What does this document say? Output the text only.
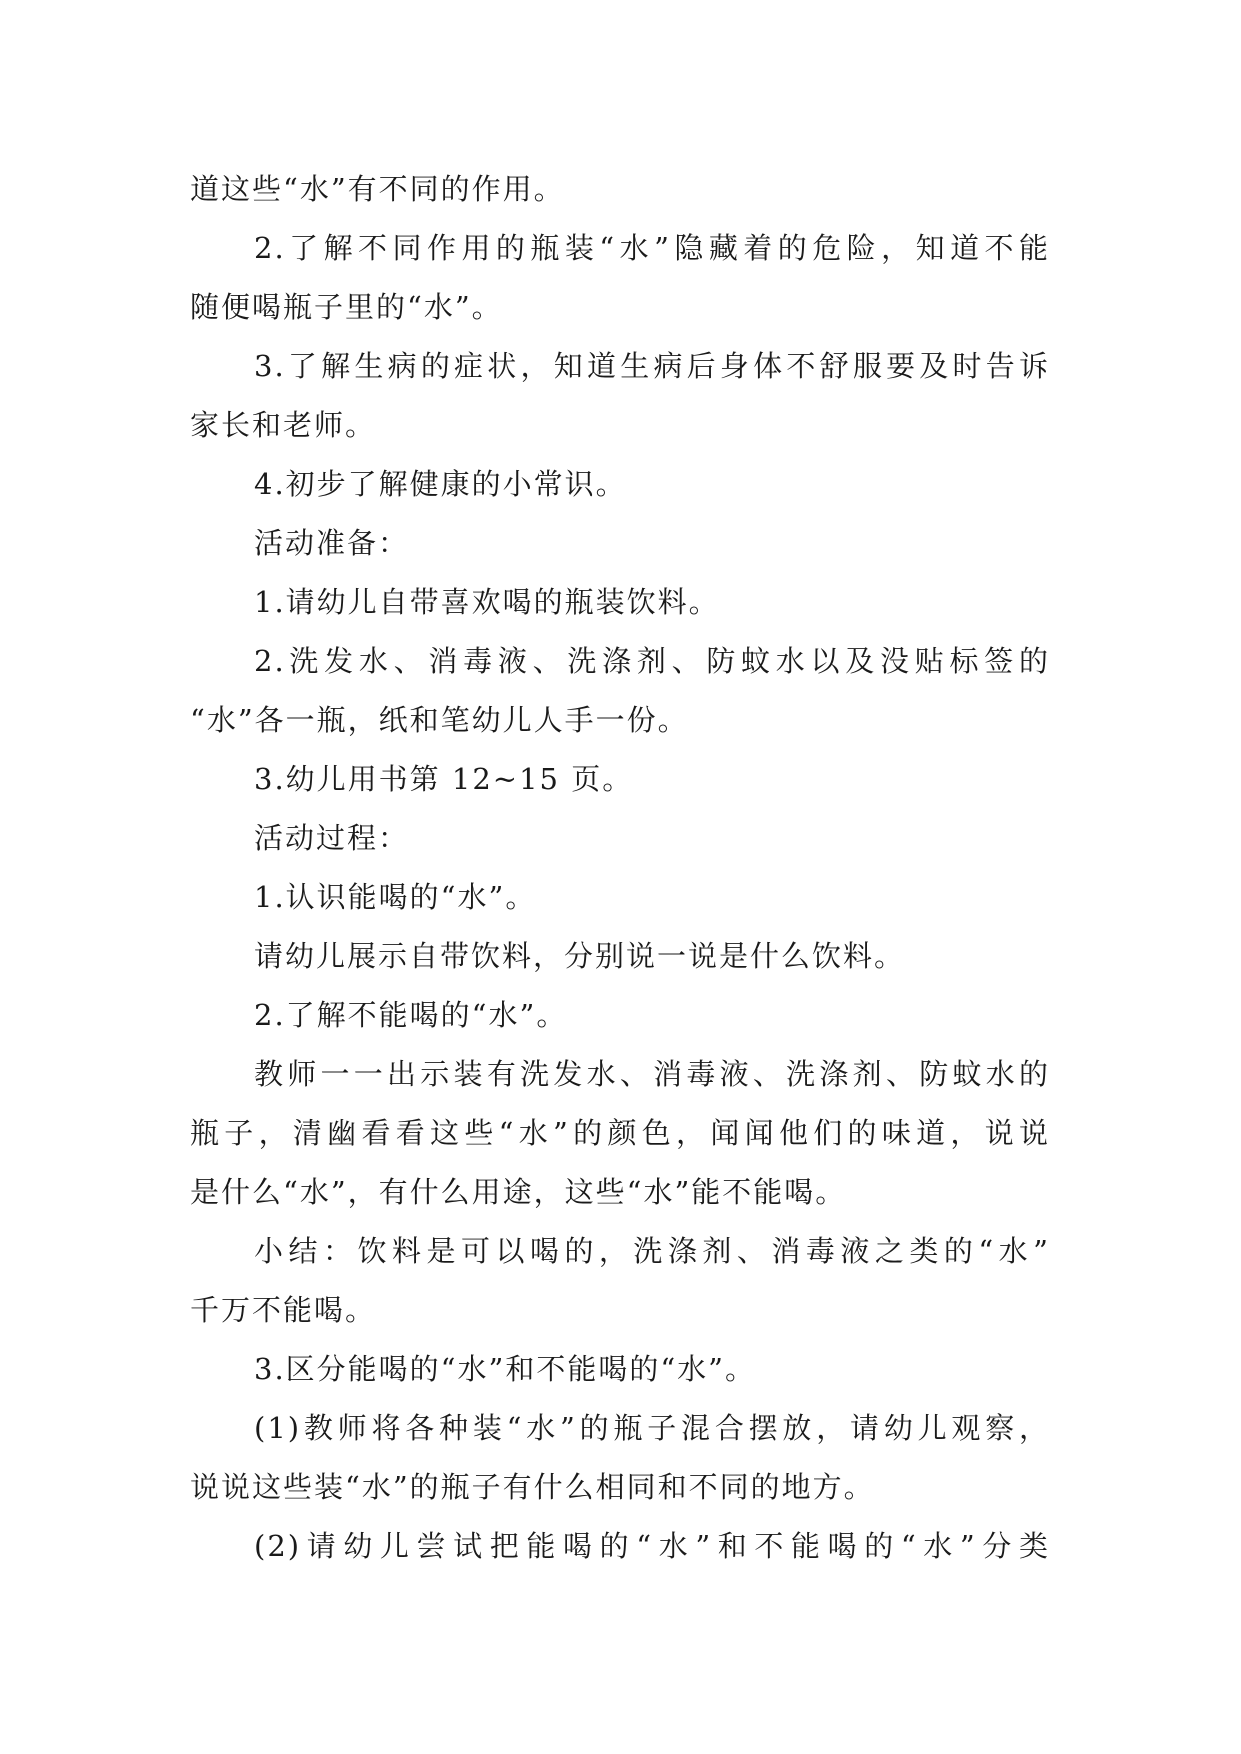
道这些“水”有不同的作用。
2.了解不同作用的瓶装“水”隐藏着的危险，知道不能
随便喝瓶子里的“水”。
3.了解生病的症状，知道生病后身体不舒服要及时告诉
家长和老师。
4.初步了解健康的小常识。
活动准备：
1.请幼儿自带喜欢喝的瓶装饮料。
2.洗发水、消毒液、洗涤剂、防蚊水以及没贴标签的
“水”各一瓶，纸和笔幼儿人手一份。
3.幼儿用书第 12~15 页。
活动过程：
1.认识能喝的“水”。
请幼儿展示自带饮料，分别说一说是什么饮料。
2.了解不能喝的“水”。
教师一一出示装有洗发水、消毒液、洗涤剂、防蚊水的
瓶子，清幽看看这些“水”的颜色，闻闻他们的味道，说说
是什么“水”，有什么用途，这些“水”能不能喝。
小结：饮料是可以喝的，洗涤剂、消毒液之类的“水”
千万不能喝。
3.区分能喝的“水”和不能喝的“水”。
(1)教师将各种装“水”的瓶子混合摆放，请幼儿观察，
说说这些装“水”的瓶子有什么相同和不同的地方。
(2)请幼儿尝试把能喝的“水”和不能喝的“水”分类
